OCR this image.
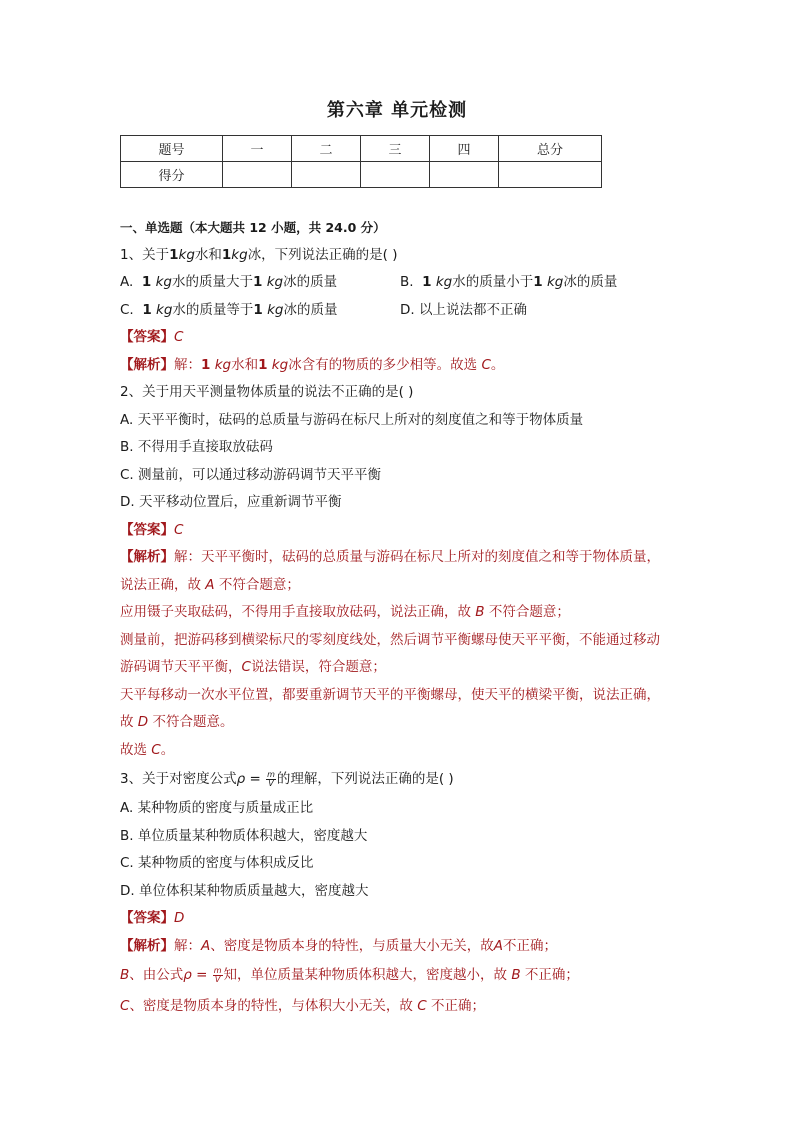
第六章 单元检测
题号	一	二	三	四	总分
得分					
一、单选题（本大题共 12 小题，共 24.0 分）
1、关于1kg水和1kg冰，下列说法正确的是( )
A. 1 kg水的质量大于1 kg冰的质量	B. 1 kg水的质量小于1 kg冰的质量
C. 1 kg水的质量等于1 kg冰的质量	D. 以上说法都不正确
【答案】C
【解析】解：1 kg水和1 kg冰含有的物质的多少相等。故选 C。
2、关于用天平测量物体质量的说法不正确的是( )
A. 天平平衡时，砝码的总质量与游码在标尺上所对的刻度值之和等于物体质量
B. 不得用手直接取放砝码
C. 测量前，可以通过移动游码调节天平平衡
D. 天平移动位置后，应重新调节平衡
【答案】C
【解析】解：天平平衡时，砝码的总质量与游码在标尺上所对的刻度值之和等于物体质量，
说法正确，故 A 不符合题意；
应用镊子夹取砝码，不得用手直接取放砝码，说法正确，故 B 不符合题意；
测量前，把游码移到横梁标尺的零刻度线处，然后调节平衡螺母使天平平衡，不能通过移动
游码调节天平平衡，C说法错误，符合题意；
天平每移动一次水平位置，都要重新调节天平的平衡螺母，使天平的横梁平衡，说法正确，
故 D 不符合题意。
故选 C。
3、关于对密度公式$\rho = \frac{m}{V}$ 的理解，下列说法正确的是( )
A. 某种物质的密度与质量成正比
B. 单位质量某种物质体积越大，密度越大
C. 某种物质的密度与体积成反比
D. 单位体积某种物质质量越大，密度越大
【答案】D
【解析】解：A、密度是物质本身的特性，与质量大小无关，故A不正确；
B、由公式$\rho = \frac{m}{V}$ 知，单位质量某种物质体积越大，密度越小，故 B 不正确；
C、密度是物质本身的特性，与体积大小无关，故 C 不正确；
